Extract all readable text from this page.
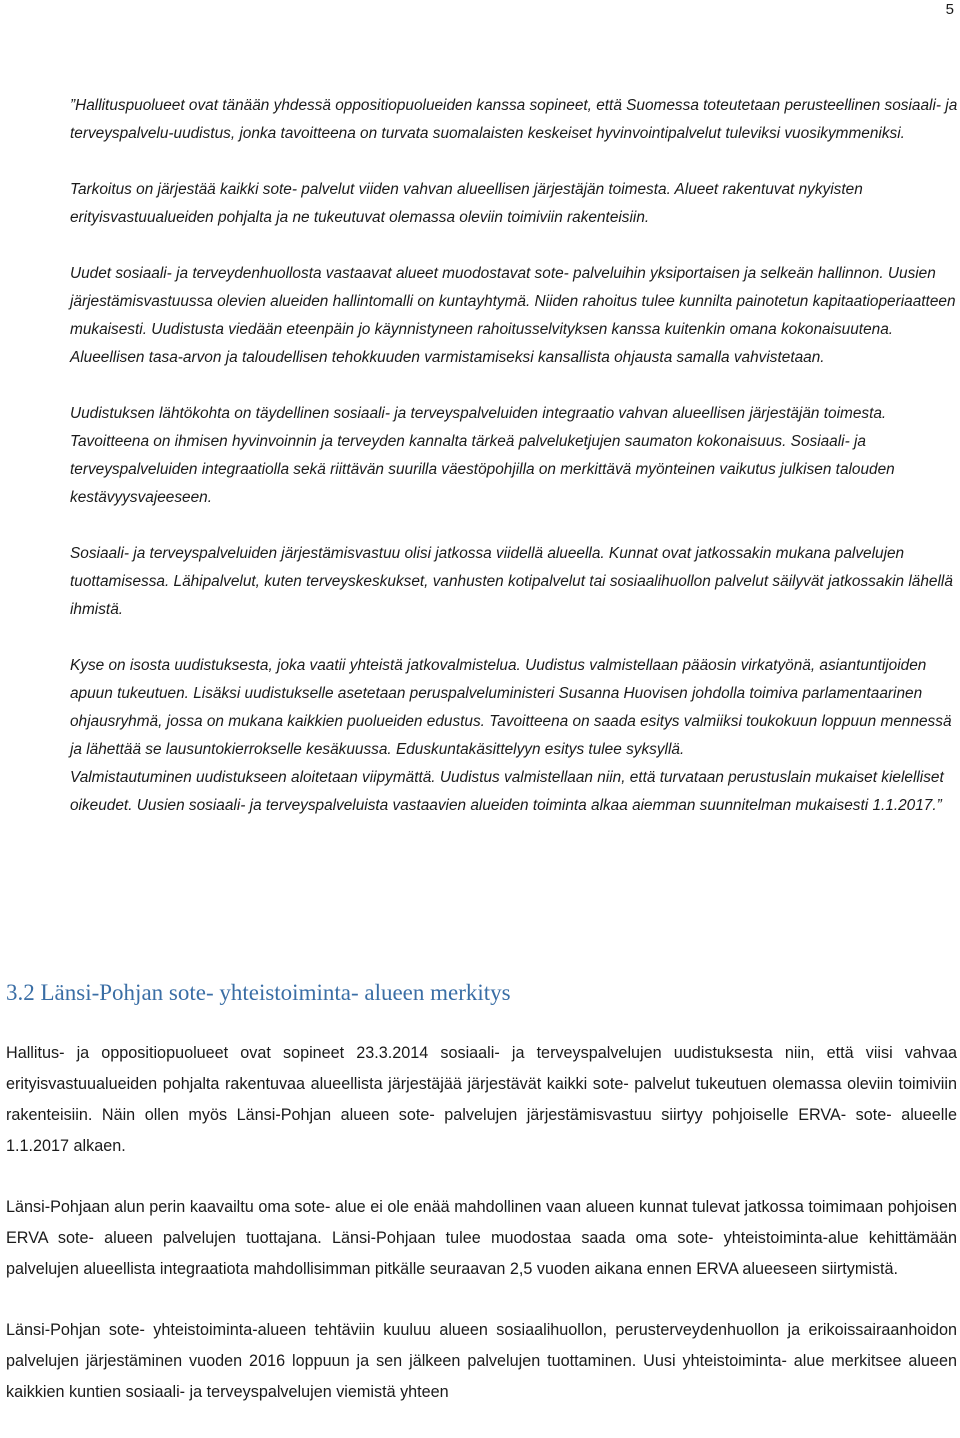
5

”Hallituspuolueet ovat tänään yhdessä oppositiopuolueiden kanssa sopineet, että Suomessa toteutetaan perusteellinen sosiaali- ja terveyspalvelu-uudistus, jonka tavoitteena on turvata suomalaisten keskeiset hyvinvointipalvelut tuleviksi vuosikymmeniksi.

Tarkoitus on järjestää kaikki sote- palvelut viiden vahvan alueellisen järjestäjän toimesta. Alueet rakentuvat nykyisten erityisvastuualueiden pohjalta ja ne tukeutuvat olemassa oleviin toimiviin rakenteisiin.

Uudet sosiaali- ja terveydenhuollosta vastaavat alueet muodostavat sote- palveluihin yksiportaisen ja selkeän hallinnon. Uusien järjestämisvastuussa olevien alueiden hallintomalli on kuntayhtymä. Niiden rahoitus tulee kunnilta painotetun kapitaatioperiaatteen mukaisesti. Uudistusta viedään eteenpäin jo käynnistyneen rahoitusselvityksen kanssa kuitenkin omana kokonaisuutena. Alueellisen tasa-arvon ja taloudellisen tehokkuuden varmistamiseksi kansallista ohjausta samalla vahvistetaan.

Uudistuksen lähtökohta on täydellinen sosiaali- ja terveyspalveluiden integraatio vahvan alueellisen järjestäjän toimesta. Tavoitteena on ihmisen hyvinvoinnin ja terveyden kannalta tärkeä palveluketjujen saumaton kokonaisuus. Sosiaali- ja terveyspalveluiden integraatiolla sekä riittävän suurilla väestöpohjilla on merkittävä myönteinen vaikutus julkisen talouden kestävyysvajeeseen.

Sosiaali- ja terveyspalveluiden järjestämisvastuu olisi jatkossa viidellä alueella. Kunnat ovat jatkossakin mukana palvelujen tuottamisessa. Lähipalvelut, kuten terveyskeskukset, vanhusten kotipalvelut tai sosiaalihuollon palvelut säilyvät jatkossakin lähellä ihmistä.

Kyse on isosta uudistuksesta, joka vaatii yhteistä jatkovalmistelua. Uudistus valmistellaan pääosin virkatyönä, asiantuntijoiden apuun tukeutuen. Lisäksi uudistukselle asetetaan peruspalveluministeri Susanna Huovisen johdolla toimiva parlamentaarinen ohjausryhmä, jossa on mukana kaikkien puolueiden edustus. Tavoitteena on saada esitys valmiiksi toukokuun loppuun mennessä ja lähettää se lausuntokierrokselle kesäkuussa. Eduskuntakäsittelyyn esitys tulee syksyllä.

Valmistautuminen uudistukseen aloitetaan viipymättä. Uudistus valmistellaan niin, että turvataan perustuslain mukaiset kielelliset oikeudet. Uusien sosiaali- ja terveyspalveluista vastaavien alueiden toiminta alkaa aiemman suunnitelman mukaisesti 1.1.2017.”

3.2 Länsi-Pohjan sote- yhteistoiminta- alueen merkitys

Hallitus- ja oppositiopuolueet ovat sopineet 23.3.2014 sosiaali- ja terveyspalvelujen uudistuksesta niin, että viisi vahvaa erityisvastuualueiden pohjalta rakentuvaa alueellista järjestäjää järjestävät kaikki sote- palvelut tukeutuen olemassa oleviin toimiviin rakenteisiin. Näin ollen myös Länsi-Pohjan alueen sote- palvelujen järjestämisvastuu siirtyy pohjoiselle ERVA- sote- alueelle 1.1.2017 alkaen.

Länsi-Pohjaan alun perin kaavailtu oma sote- alue ei ole enää mahdollinen vaan alueen kunnat tulevat jatkossa toimimaan pohjoisen ERVA sote- alueen palvelujen tuottajana. Länsi-Pohjaan tulee muodostaa saada oma sote- yhteistoiminta-alue kehittämään palvelujen alueellista integraatiota mahdollisimman pitkälle seuraavan 2,5 vuoden aikana ennen ERVA alueeseen siirtymistä.

Länsi-Pohjan sote- yhteistoiminta-alueen tehtäviin kuuluu alueen sosiaalihuollon, perusterveydenhuollon ja erikoissairaanhoidon palvelujen järjestäminen vuoden 2016 loppuun ja sen jälkeen palvelujen tuottaminen. Uusi yhteistoiminta- alue merkitsee alueen kaikkien kuntien sosiaali- ja terveyspalvelujen viemistä yhteen
